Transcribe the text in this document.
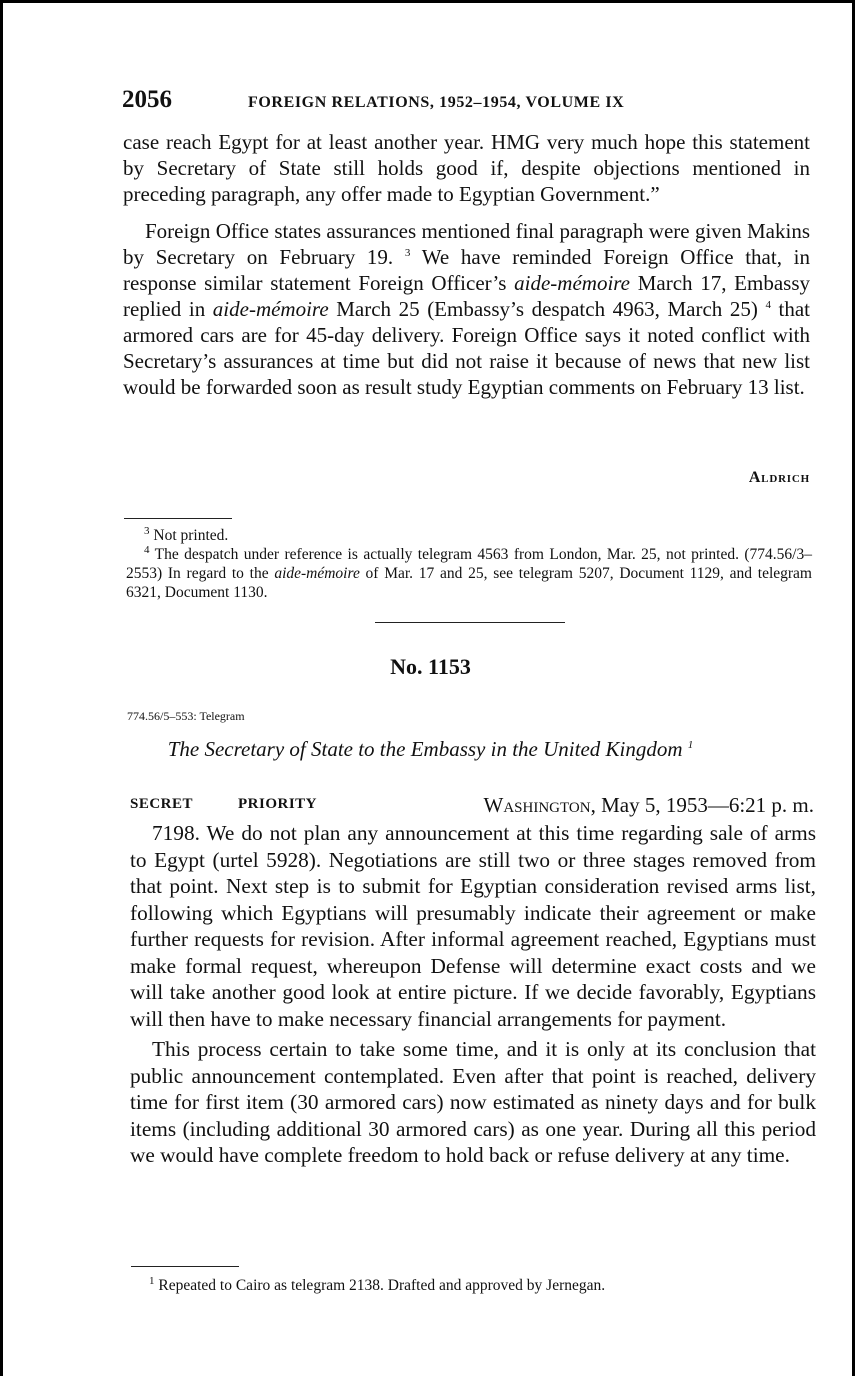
2056	FOREIGN RELATIONS, 1952–1954, VOLUME IX

case reach Egypt for at least another year. HMG very much hope this statement by Secretary of State still holds good if, despite objections mentioned in preceding paragraph, any offer made to Egyptian Government.”

Foreign Office states assurances mentioned final paragraph were given Makins by Secretary on February 19. $^3$ We have reminded Foreign Office that, in response similar statement Foreign Officer’s aide-mémoire March 17, Embassy replied in aide-mémoire March 25 (Embassy’s despatch 4963, March 25) $^4$ that armored cars are for 45-day delivery. Foreign Office says it noted conflict with Secretary’s assurances at time but did not raise it because of news that new list would be forwarded soon as result study Egyptian comments on February 13 list.

Aldrich

$^3$ Not printed.

$^4$ The despatch under reference is actually telegram 4563 from London, Mar. 25, not printed. (774.56/3–2553) In regard to the aide-mémoire of Mar. 17 and 25, see telegram 5207, Document 1129, and telegram 6321, Document 1130.

No. 1153
774.56/5–553: Telegram
The Secretary of State to the Embassy in the United Kingdom $^1$
SECRET	PRIORITY	Washington, May 5, 1953—6:21 p. m.

7198. We do not plan any announcement at this time regarding sale of arms to Egypt (urtel 5928). Negotiations are still two or three stages removed from that point. Next step is to submit for Egyptian consideration revised arms list, following which Egyptians will presumably indicate their agreement or make further requests for revision. After informal agreement reached, Egyptians must make formal request, whereupon Defense will determine exact costs and we will take another good look at entire picture. If we decide favorably, Egyptians will then have to make necessary financial arrangements for payment.

This process certain to take some time, and it is only at its conclusion that public announcement contemplated. Even after that point is reached, delivery time for first item (30 armored cars) now estimated as ninety days and for bulk items (including additional 30 armored cars) as one year. During all this period we would have complete freedom to hold back or refuse delivery at any time.

$^1$ Repeated to Cairo as telegram 2138. Drafted and approved by Jernegan.
